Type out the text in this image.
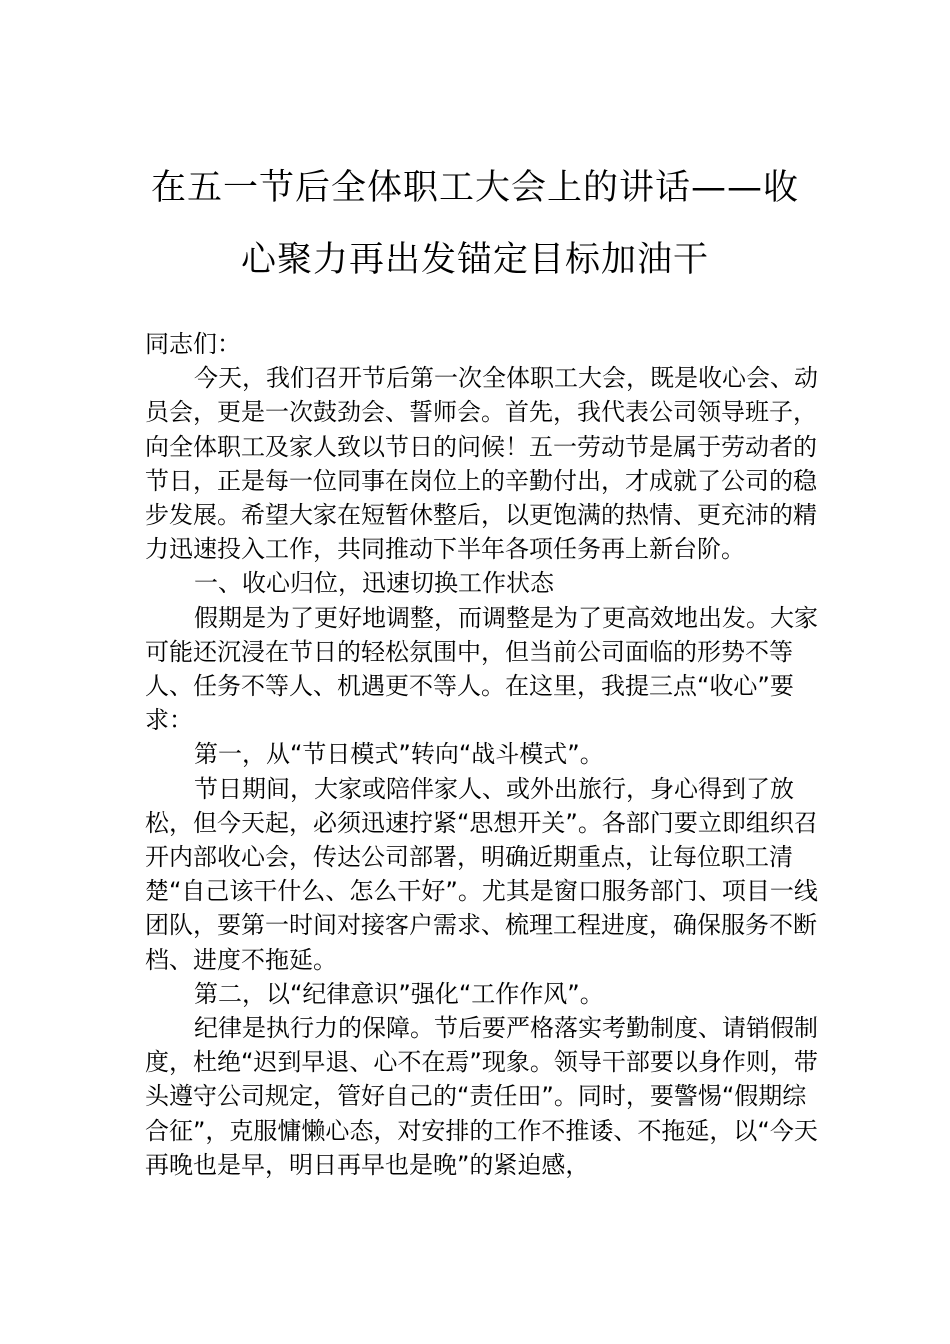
在五一节后全体职工大会上的讲话——收
心聚力再出发锚定目标加油干

同志们：

今天，我们召开节后第一次全体职工大会，既是收心会、动员会，更是一次鼓劲会、誓师会。首先，我代表公司领导班子，向全体职工及家人致以节日的问候！五一劳动节是属于劳动者的节日，正是每一位同事在岗位上的辛勤付出，才成就了公司的稳步发展。希望大家在短暂休整后，以更饱满的热情、更充沛的精力迅速投入工作，共同推动下半年各项任务再上新台阶。

一、收心归位，迅速切换工作状态

假期是为了更好地调整，而调整是为了更高效地出发。大家可能还沉浸在节日的轻松氛围中，但当前公司面临的形势不等人、任务不等人、机遇更不等人。在这里，我提三点“收心”要求：

第一，从“节日模式”转向“战斗模式”。

节日期间，大家或陪伴家人、或外出旅行，身心得到了放松，但今天起，必须迅速拧紧“思想开关”。各部门要立即组织召开内部收心会，传达公司部署，明确近期重点，让每位职工清楚“自己该干什么、怎么干好”。尤其是窗口服务部门、项目一线团队，要第一时间对接客户需求、梳理工程进度，确保服务不断档、进度不拖延。

第二，以“纪律意识”强化“工作作风”。

纪律是执行力的保障。节后要严格落实考勤制度、请销假制度，杜绝“迟到早退、心不在焉”现象。领导干部要以身作则，带头遵守公司规定，管好自己的“责任田”。同时，要警惕“假期综合征”，克服慵懒心态，对安排的工作不推诿、不拖延，以“今天再晚也是早，明日再早也是晚”的紧迫感，
